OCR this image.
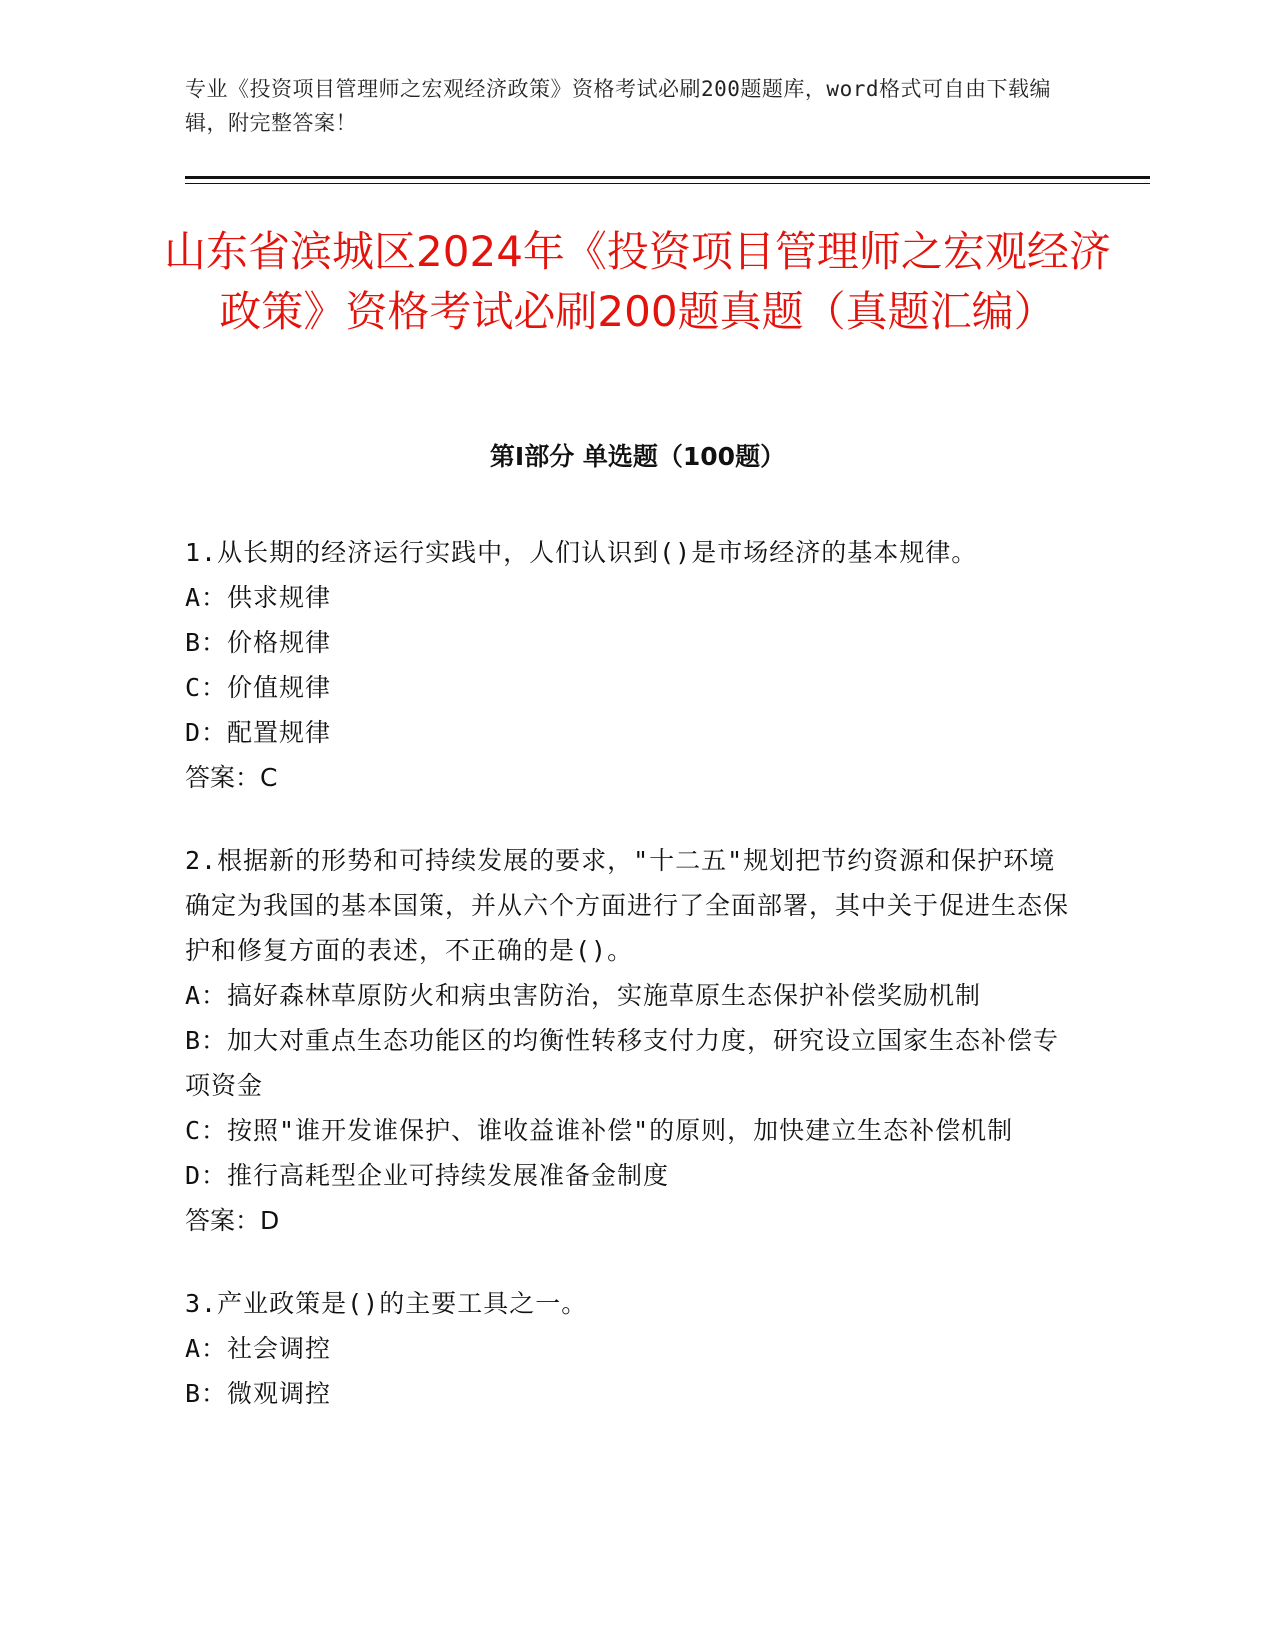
专业《投资项目管理师之宏观经济政策》资格考试必刷200题题库，word格式可自由下载编辑，附完整答案！
山东省滨城区2024年《投资项目管理师之宏观经济政策》资格考试必刷200题真题（真题汇编）
第Ⅰ部分 单选题（100题）
1.从长期的经济运行实践中，人们认识到()是市场经济的基本规律。
A：供求规律
B：价格规律
C：价值规律
D：配置规律
答案：C
2.根据新的形势和可持续发展的要求，"十二五"规划把节约资源和保护环境确定为我国的基本国策，并从六个方面进行了全面部署，其中关于促进生态保护和修复方面的表述，不正确的是()。
A：搞好森林草原防火和病虫害防治，实施草原生态保护补偿奖励机制
B：加大对重点生态功能区的均衡性转移支付力度，研究设立国家生态补偿专项资金
C：按照"谁开发谁保护、谁收益谁补偿"的原则，加快建立生态补偿机制
D：推行高耗型企业可持续发展准备金制度
答案：D
3.产业政策是()的主要工具之一。
A：社会调控
B：微观调控
